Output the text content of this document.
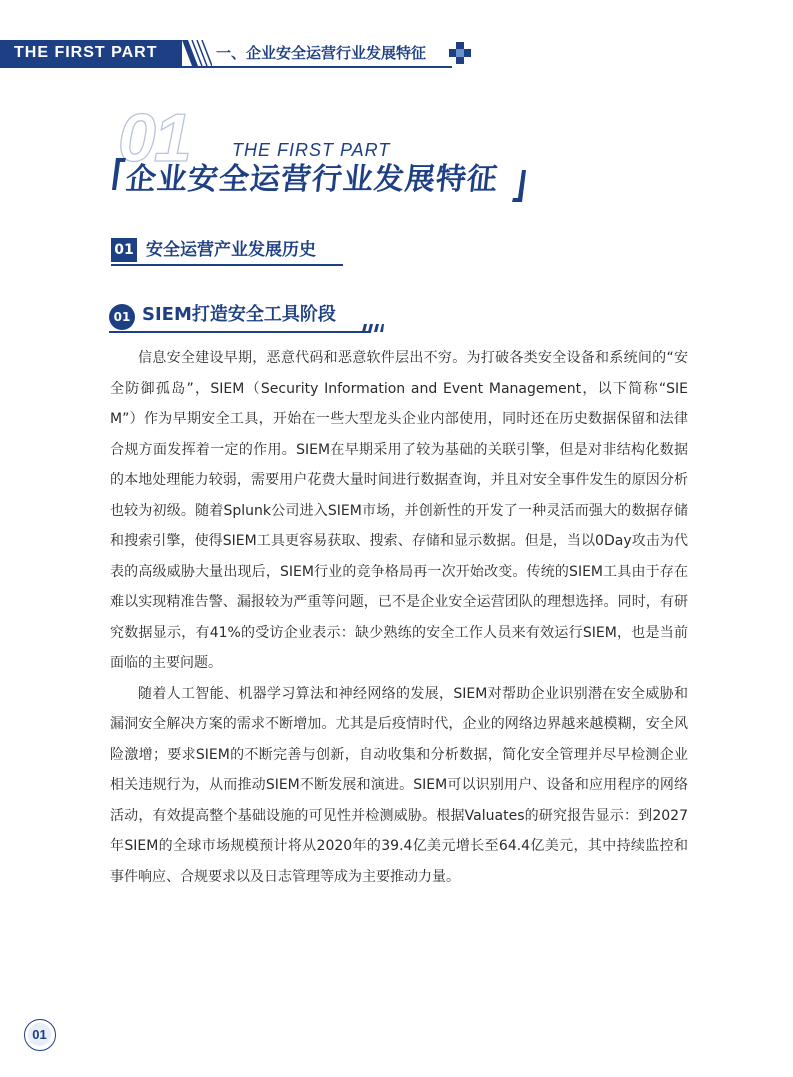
THE FIRST PART	一、企业安全运营行业发展特征
01 THE FIRST PART
企业安全运营行业发展特征
01 安全运营产业发展历史
01 SIEM打造安全工具阶段

信息安全建设早期，恶意代码和恶意软件层出不穷。为打破各类安全设备和系统间的“安全防御孤岛”，SIEM（Security Information and Event Management，以下简称“SIEM”）作为早期安全工具，开始在一些大型龙头企业内部使用，同时还在历史数据保留和法律合规方面发挥着一定的作用。SIEM在早期采用了较为基础的关联引擎，但是对非结构化数据的本地处理能力较弱，需要用户花费大量时间进行数据查询，并且对安全事件发生的原因分析也较为初级。随着Splunk公司进入SIEM市场，并创新性的开发了一种灵活而强大的数据存储和搜索引擎，使得SIEM工具更容易获取、搜索、存储和显示数据。但是，当以0Day攻击为代表的高级威胁大量出现后，SIEM行业的竞争格局再一次开始改变。传统的SIEM工具由于存在难以实现精准告警、漏报较为严重等问题，已不是企业安全运营团队的理想选择。同时，有研究数据显示，有41%的受访企业表示：缺少熟练的安全工作人员来有效运行SIEM，也是当前面临的主要问题。

随着人工智能、机器学习算法和神经网络的发展，SIEM对帮助企业识别潜在安全威胁和漏洞安全解决方案的需求不断增加。尤其是后疫情时代，企业的网络边界越来越模糊，安全风险激增；要求SIEM的不断完善与创新，自动收集和分析数据，简化安全管理并尽早检测企业相关违规行为，从而推动SIEM不断发展和演进。SIEM可以识别用户、设备和应用程序的网络活动，有效提高整个基础设施的可见性并检测威胁。根据Valuates的研究报告显示：到2027年SIEM的全球市场规模预计将从2020年的39.4亿美元增长至64.4亿美元，其中持续监控和事件响应、合规要求以及日志管理等成为主要推动力量。

01
